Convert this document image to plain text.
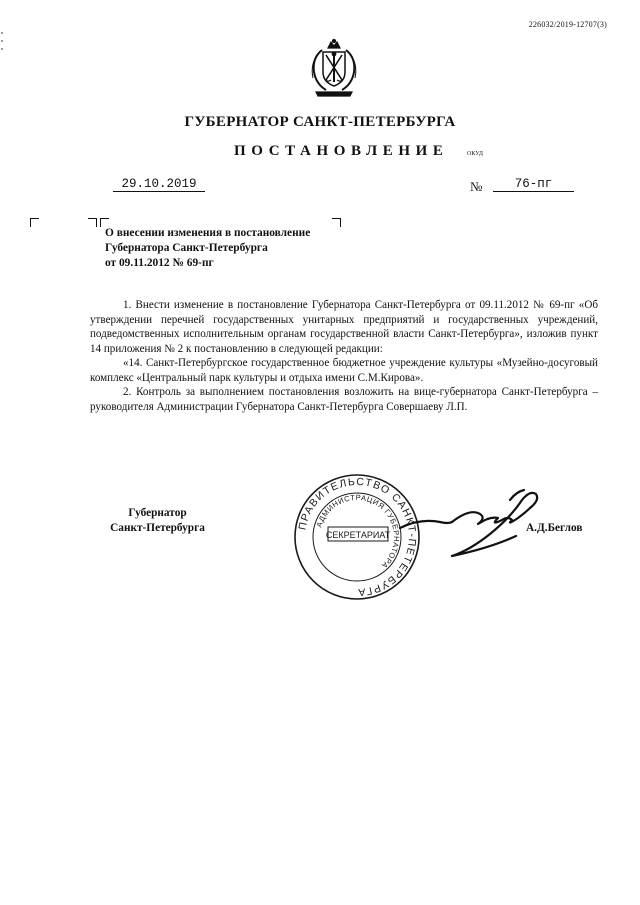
226032/2019-12707(3)
ГУБЕРНАТОР САНКТ-ПЕТЕРБУРГА
ПОСТАНОВЛЕНИЕ	ОКУД
29.10.2019	№	76-пг
О внесении изменения в постановление
Губернатора Санкт-Петербурга
от 09.11.2012 № 69-пг

1. Внести изменение в постановление Губернатора Санкт-Петербурга от 09.11.2012 № 69-пг «Об утверждении перечней государственных унитарных предприятий и государственных учреждений, подведомственных исполнительным органам государственной власти Санкт-Петербурга», изложив пункт 14 приложения № 2 к постановлению в следующей редакции:

«14. Санкт-Петербургское государственное бюджетное учреждение культуры «Музейно-досуговый комплекс «Центральный парк культуры и отдыха имени С.М.Кирова».

2. Контроль за выполнением постановления возложить на вице-губернатора Санкт-Петербурга – руководителя Администрации Губернатора Санкт-Петербурга Совершаеву Л.П.

Губернатор
Санкт-Петербурга	ПРАВИТЕЛЬСТВО САНКТ-ПЕТЕРБУРГА
АДМИНИСТРАЦИЯ ГУБЕРНАТОРА
СЕКРЕТАРИАТ
А.Д.Беглов
